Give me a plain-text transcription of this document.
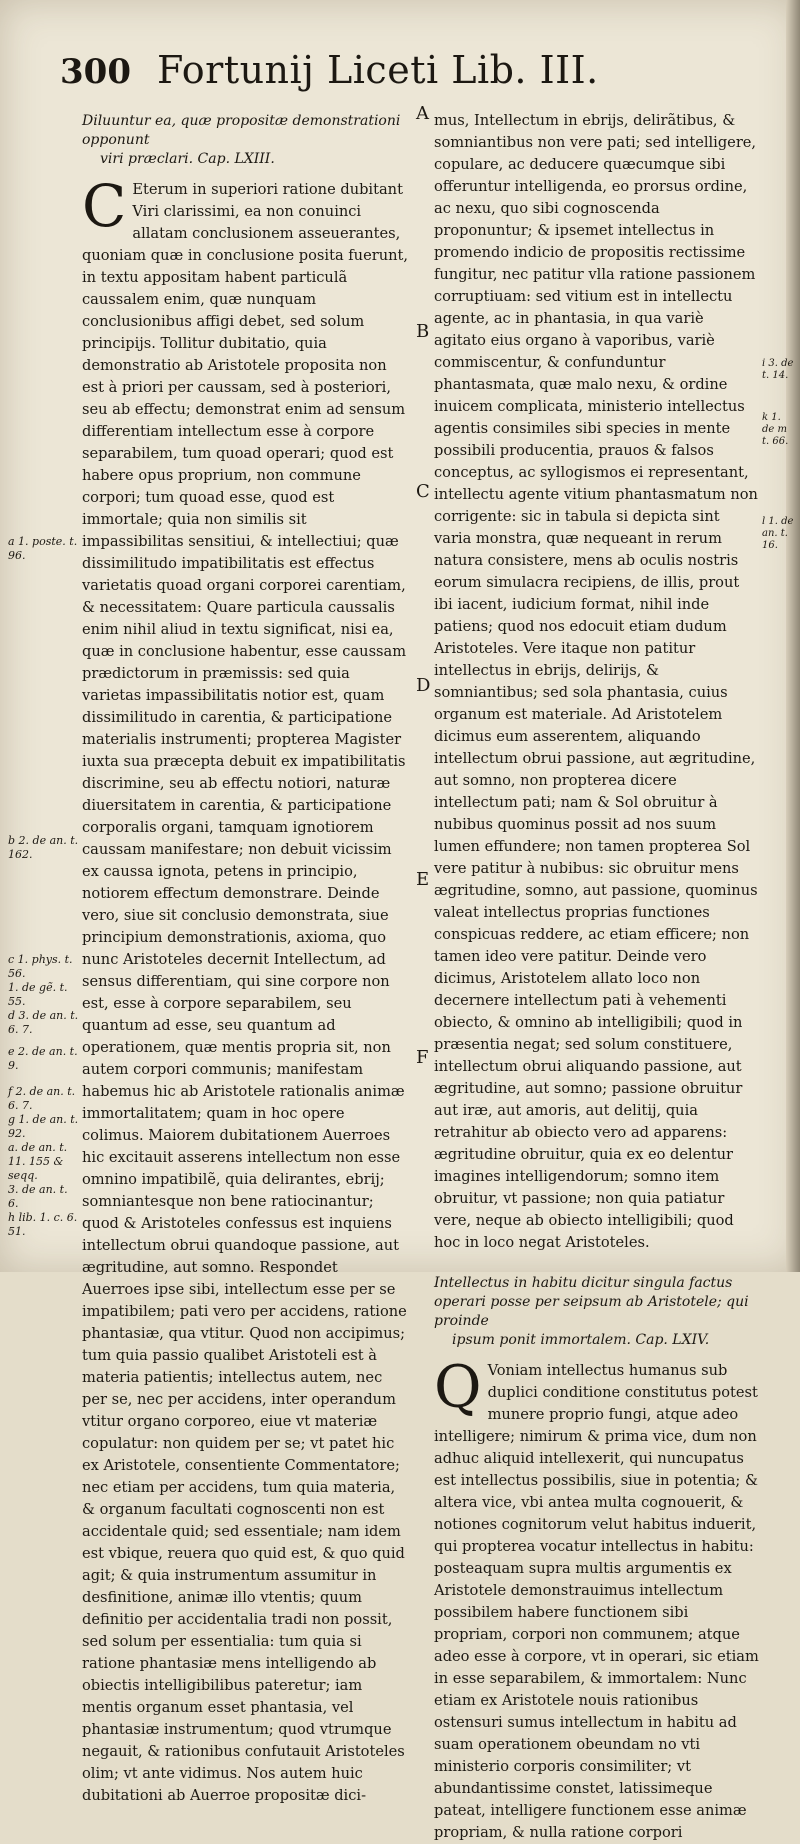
300 Fortunij Liceti Lib. III.
a 1. poste. t. 96.
b 2. de an. t. 162.
c 1. phys. t. 56.
1. de gẽ. t. 55.
d 3. de an. t. 6. 7.
e 2. de an. t. 9.
f 2. de an. t. 6. 7.
g 1. de an. t. 92.
a. de an. t. 11. 155 & seqq.
3. de an. t. 6.
h lib. 1. c. 6. 51.
Diluuntur ea, quæ propositæ demonstrationi opponunt
viri præclari. Cap. LXIII.
C Eterum in superiori ratione dubitant Viri clarissimi, ea non conuinci allatam conclusionem asseuerantes, quoniam quæ in conclusione posita fuerunt, in textu appositam habent particulã caussalem enim, quæ nunquam conclusionibus affigi debet, sed solum principijs. Tollitur dubitatio, quia demonstratio ab Aristotele proposita non est à priori per caussam, sed à posteriori, seu ab effectu; demonstrat enim ad sensum differentiam intellectum esse à corpore separabilem, tum quoad operari; quod est habere opus proprium, non commune corpori; tum quoad esse, quod est immortale; quia non similis sit impassibilitas sensitiui, & intellectiui; quæ dissimilitudo impatibilitatis est effectus varietatis quoad organi corporei carentiam, & necessitatem: Quare particula caussalis enim nihil aliud in textu significat, nisi ea, quæ in conclusione habentur, esse caussam prædictorum in præmissis: sed quia varietas impassibilitatis notior est, quam dissimilitudo in carentia, & participatione materialis instrumenti; propterea Magister iuxta sua præcepta debuit ex impatibilitatis discrimine, seu ab effectu notiori, naturæ diuersitatem in carentia, & participatione corporalis organi, tamquam ignotiorem caussam manifestare; non debuit vicissim ex caussa ignota, petens in principio, notiorem effectum demonstrare. Deinde vero, siue sit conclusio demonstrata, siue principium demonstrationis, axioma, quo nunc Aristoteles decernit Intellectum, ad sensus differentiam, qui sine corpore non est, esse à corpore separabilem, seu quantum ad esse, seu quantum ad operationem, quæ mentis propria sit, non autem corpori communis; manifestam habemus hic ab Aristotele rationalis animæ immortalitatem; quam in hoc opere colimus. Maiorem dubitationem Auerroes hic excitauit asserens intellectum non esse omnino impatibilẽ, quia delirantes, ebrij; somniantesque non bene ratiocinantur; quod & Aristoteles confessus est inquiens intellectum obrui quandoque passione, aut ægritudine, aut somno. Respondet Auerroes ipse sibi, intellectum esse per se impatibilem; pati vero per accidens, ratione phantasiæ, qua vtitur. Quod non accipimus; tum quia passio qualibet Aristoteli est à materia patientis; intellectus autem, nec per se, nec per accidens, inter operandum vtitur organo corporeo, eiue vt materiæ copulatur: non quidem per se; vt patet hic ex Aristotele, consentiente Commentatore; nec etiam per accidens, tum quia materia, & organum facultati cognoscenti non est accidentale quid; sed essentiale; nam idem est vbique, reuera quo quid est, & quo quid agit; & quia instrumentum assumitur in desfinitione, animæ illo vtentis; quum definitio per accidentalia tradi non possit, sed solum per essentialia: tum quia si ratione phantasiæ mens intelligendo ab obiectis intelligibilibus pateretur; iam mentis organum esset phantasia, vel phantasiæ instrumentum; quod vtrumque negauit, & rationibus confutauit Aristoteles olim; vt ante vidimus. Nos autem huic dubitationi ab Auerroe propositæ dici-
A
B
C
D
E
F
mus, Intellectum in ebrijs, delirãtibus, & somniantibus non vere pati; sed intelligere, copulare, ac deducere quæcumque sibi offeruntur intelligenda, eo prorsus ordine, ac nexu, quo sibi cognoscenda proponuntur; & ipsemet intellectus in promendo indicio de propositis rectissime fungitur, nec patitur vlla ratione passionem corruptiuam: sed vitium est in intellectu agente, ac in phantasia, in qua variè agitato eius organo à vaporibus, variè commiscentur, & confunduntur phantasmata, quæ malo nexu, & ordine inuicem complicata, ministerio intellectus agentis consimiles sibi species in mente possibili producentia, prauos & falsos conceptus, ac syllogismos ei representant, intellectu agente vitium phantasmatum non corrigente: sic in tabula si depicta sint varia monstra, quæ nequeant in rerum natura consistere, mens ab oculis nostris eorum simulacra recipiens, de illis, prout ibi iacent, iudicium format, nihil inde patiens; quod nos edocuit etiam dudum Aristoteles. Vere itaque non patitur intellectus in ebrijs, delirijs, & somniantibus; sed sola phantasia, cuius organum est materiale. Ad Aristotelem dicimus eum asserentem, aliquando intellectum obrui passione, aut ægritudine, aut somno, non propterea dicere intellectum pati; nam & Sol obruitur à nubibus quominus possit ad nos suum lumen effundere; non tamen propterea Sol vere patitur à nubibus: sic obruitur mens ægritudine, somno, aut passione, quominus valeat intellectus proprias functiones conspicuas reddere, ac etiam efficere; non tamen ideo vere patitur. Deinde vero dicimus, Aristotelem allato loco non decernere intellectum pati à vehementi obiecto, & omnino ab intelligibili; quod in præsentia negat; sed solum constituere, intellectum obrui aliquando passione, aut ægritudine, aut somno; passione obruitur aut iræ, aut amoris, aut delitij, quia retrahitur ab obiecto vero ad apparens: ægritudine obruitur, quia ex eo delentur imagines intelligendorum; somno item obruitur, vt passione; non quia patiatur vere, neque ab obiecto intelligibili; quod hoc in loco negat Aristoteles.
Intellectus in habitu dicitur singula factus operari posse per seipsum ab Aristotele; qui proinde
ipsum ponit immortalem. Cap. LXIV.
Q Voniam intellectus humanus sub duplici conditione constitutus potest munere proprio fungi, atque adeo intelligere; nimirum & prima vice, dum non adhuc aliquid intellexerit, qui nuncupatus est intellectus possibilis, siue in potentia; & altera vice, vbi antea multa cognouerit, & notiones cognitorum velut habitus induerit, qui propterea vocatur intellectus in habitu: posteaquam supra multis argumentis ex Aristotele demonstrauimus intellectum possibilem habere functionem sibi propriam, corpori non communem; atque adeo esse à corpore, vt in operari, sic etiam in esse separabilem, & immortalem: Nunc etiam ex Aristotele nouis rationibus ostensuri sumus intellectum in habitu ad suam operationem obeundam no vti ministerio corporis consimiliter; vt abundantissime constet, latissimeque pateat, intelligere functionem esse animæ propriam, & nulla ratione corpori
i 3. de t. 14.
k 1. de m t. 66.
l 1. de an. t. 16.
